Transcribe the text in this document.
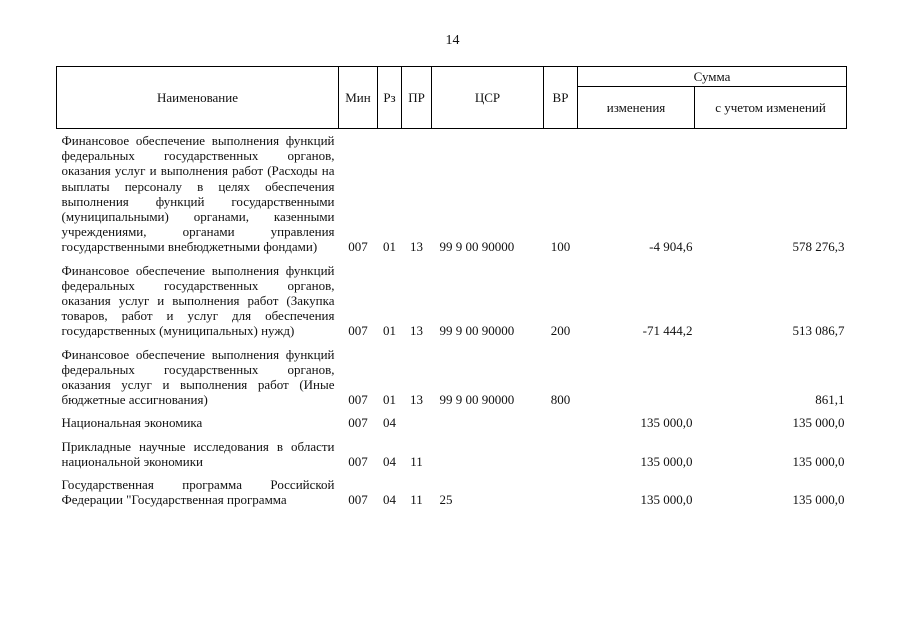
14
Наименование	Мин	Рз	ПР	ЦСР	ВР	Сумма	
						изменения	с учетом изменений
Финансовое обеспечение выполнения функций федеральных государственных органов, оказания услуг и выполнения работ (Расходы на выплаты персоналу в целях обеспечения выполнения функций государственными (муниципальными) органами, казенными учреждениями, органами управления государственными внебюджетными фондами)	007	01	13	99 9 00 90000	100	-4 904,6	578 276,3
Финансовое обеспечение выполнения функций федеральных государственных органов, оказания услуг и выполнения работ (Закупка товаров, работ и услуг для обеспечения государственных (муниципальных) нужд)	007	01	13	99 9 00 90000	200	-71 444,2	513 086,7
Финансовое обеспечение выполнения функций федеральных государственных органов, оказания услуг и выполнения работ (Иные бюджетные ассигнования)	007	01	13	99 9 00 90000	800		861,1
Национальная экономика	007	04				135 000,0	135 000,0
Прикладные научные исследования в области национальной экономики	007	04	11			135 000,0	135 000,0
Государственная программа Российской Федерации "Государственная программа	007	04	11	25		135 000,0	135 000,0
